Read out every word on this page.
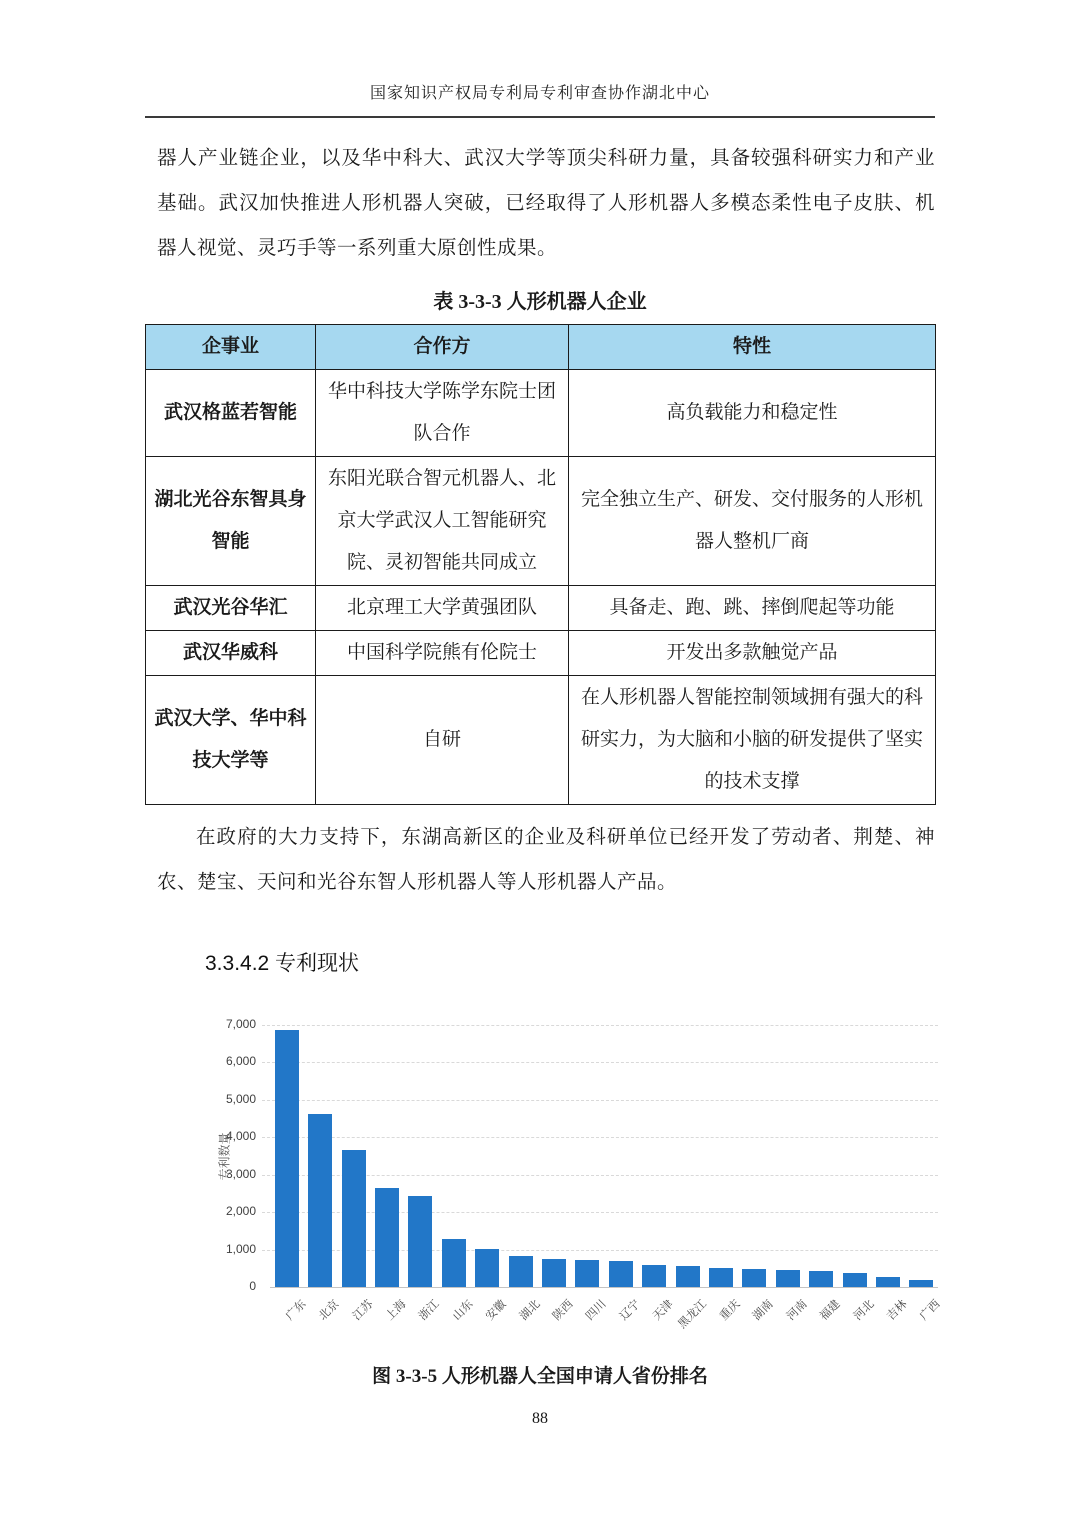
国家知识产权局专利局专利审查协作湖北中心

器人产业链企业，以及华中科大、武汉大学等顶尖科研力量，具备较强科研实力和产业基础。武汉加快推进人形机器人突破，已经取得了人形机器人多模态柔性电子皮肤、机器人视觉、灵巧手等一系列重大原创性成果。

表 3-3-3 人形机器人企业
企事业	合作方	特性
武汉格蓝若智能	华中科技大学陈学东院士团队合作	高负载能力和稳定性
湖北光谷东智具身智能	东阳光联合智元机器人、北京大学武汉人工智能研究院、灵初智能共同成立	完全独立生产、研发、交付服务的人形机器人整机厂商
武汉光谷华汇	北京理工大学黄强团队	具备走、跑、跳、摔倒爬起等功能
武汉华威科	中国科学院熊有伦院士	开发出多款触觉产品
武汉大学、华中科技大学等	自研	在人形机器人智能控制领域拥有强大的科研实力，为大脑和小脑的研发提供了坚实的技术支撑

在政府的大力支持下，东湖高新区的企业及科研单位已经开发了劳动者、荆楚、神农、楚宝、天问和光谷东智人形机器人等人形机器人产品。

3.3.4.2 专利现状
专利数量
0
1,000
2,000
3,000
4,000
5,000
6,000
7,000
广东 北京 江苏 上海 浙江 山东 安徽 湖北 陕西 四川 辽宁 天津 黑龙江 重庆 湖南 河南 福建 河北 吉林 广西
图 3-3-5 人形机器人全国申请人省份排名
88
